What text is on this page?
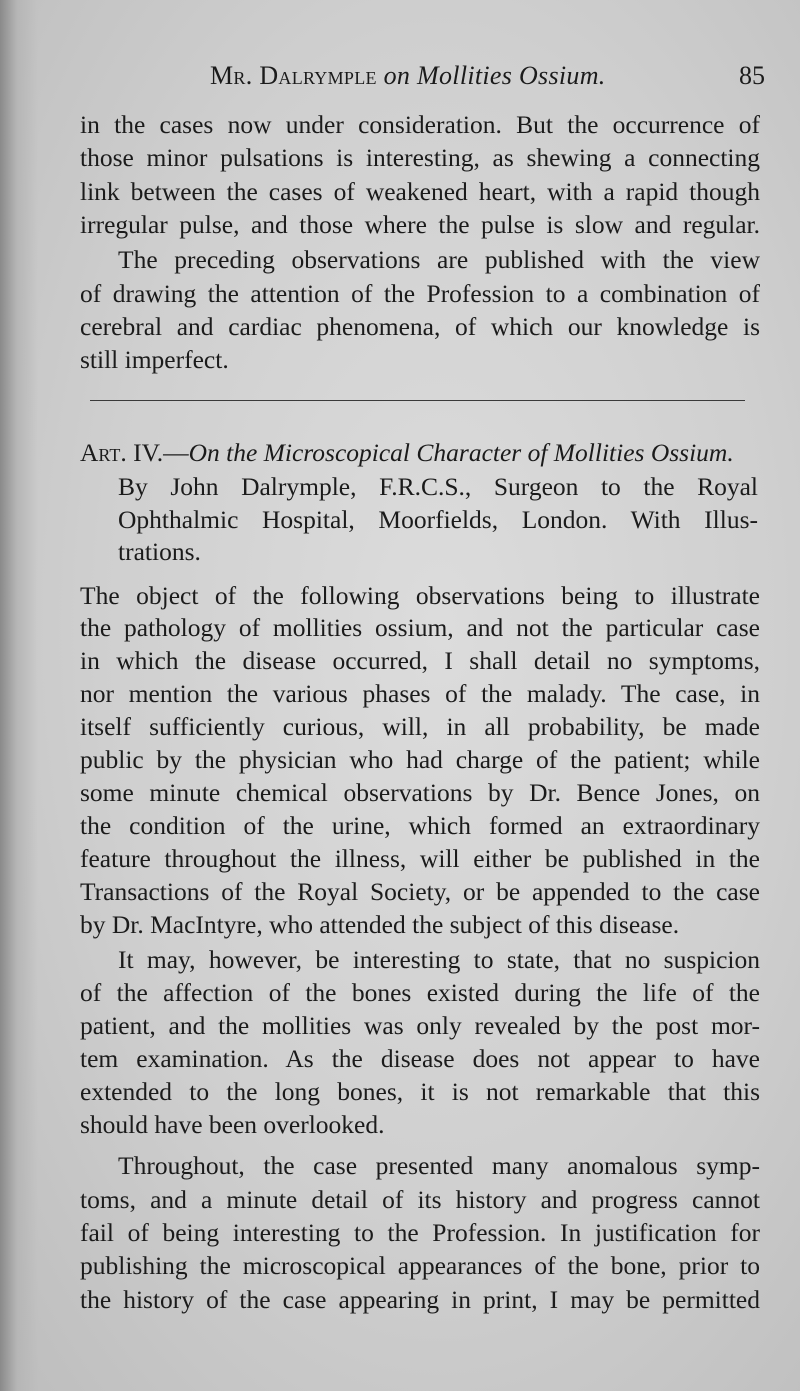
Mr. Dalrymple on Mollities Ossium.	85
in the cases now under consideration. But the occurrence of
those minor pulsations is interesting, as shewing a connecting
link between the cases of weakened heart, with a rapid though
irregular pulse, and those where the pulse is slow and regular.
The preceding observations are published with the view
of drawing the attention of the Profession to a combination of
cerebral and cardiac phenomena, of which our knowledge is
still imperfect.
Art. IV.—On the Microscopical Character of Mollities Ossium.
By John Dalrymple, F.R.C.S., Surgeon to the Royal
Ophthalmic Hospital, Moorfields, London. With Illus-
trations.
The object of the following observations being to illustrate
the pathology of mollities ossium, and not the particular case
in which the disease occurred, I shall detail no symptoms,
nor mention the various phases of the malady. The case, in
itself sufficiently curious, will, in all probability, be made
public by the physician who had charge of the patient; while
some minute chemical observations by Dr. Bence Jones, on
the condition of the urine, which formed an extraordinary
feature throughout the illness, will either be published in the
Transactions of the Royal Society, or be appended to the case
by Dr. MacIntyre, who attended the subject of this disease.
It may, however, be interesting to state, that no suspicion
of the affection of the bones existed during the life of the
patient, and the mollities was only revealed by the post mor-
tem examination. As the disease does not appear to have
extended to the long bones, it is not remarkable that this
should have been overlooked.
Throughout, the case presented many anomalous symp-
toms, and a minute detail of its history and progress cannot
fail of being interesting to the Profession. In justification for
publishing the microscopical appearances of the bone, prior to
the history of the case appearing in print, I may be permitted
